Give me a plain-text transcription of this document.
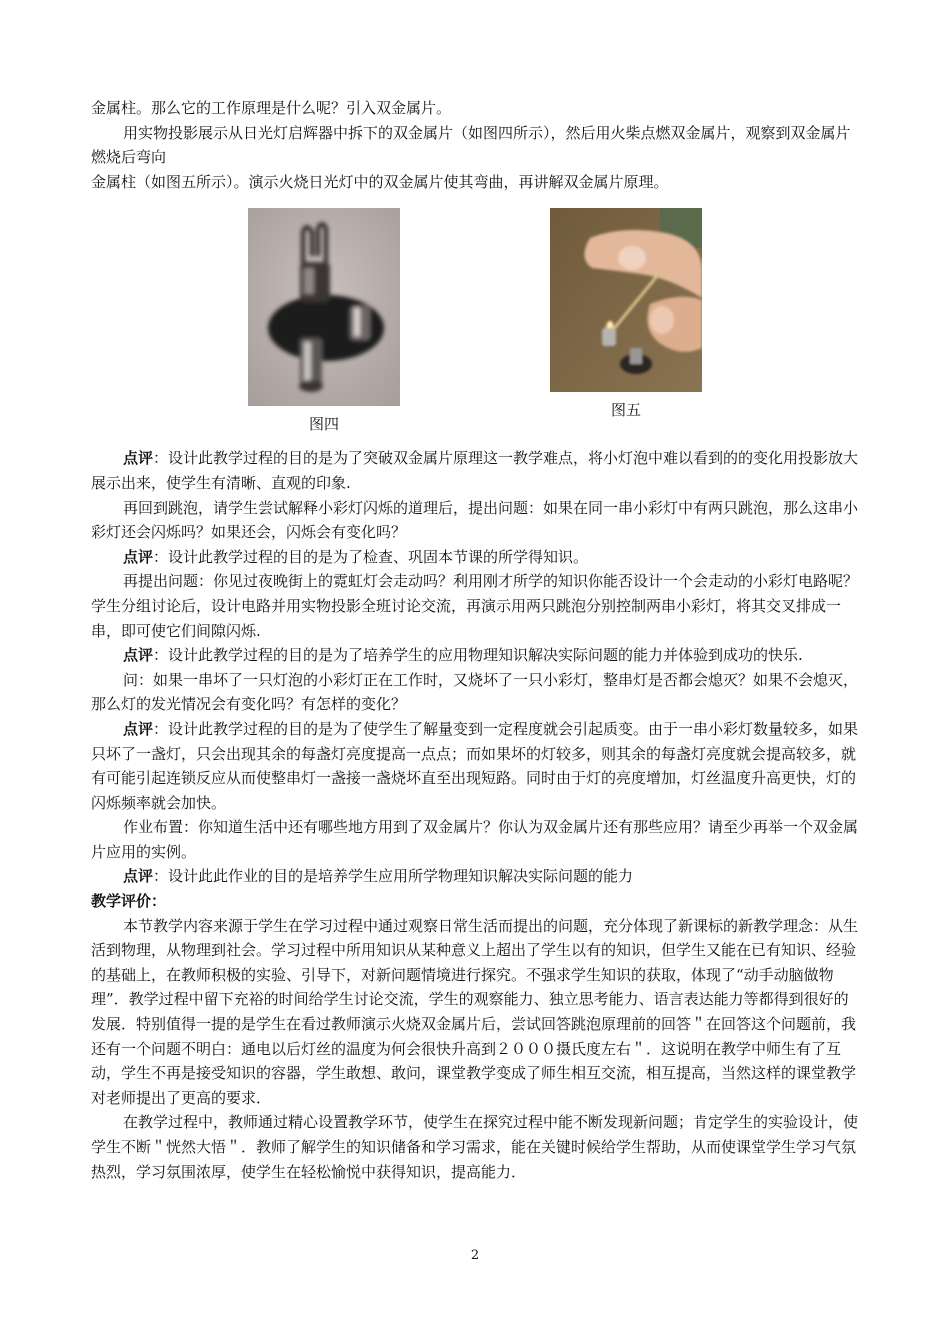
金属柱。那么它的工作原理是什么呢？引入双金属片。

用实物投影展示从日光灯启辉器中拆下的双金属片（如图四所示），然后用火柴点燃双金属片，观察到双金属片燃烧后弯向

金属柱（如图五所示）。演示火烧日光灯中的双金属片使其弯曲，再讲解双金属片原理。

图四
图五

点评：设计此教学过程的目的是为了突破双金属片原理这一教学难点，将小灯泡中难以看到的的变化用投影放大展示出来，使学生有清晰、直观的印象.

再回到跳泡，请学生尝试解释小彩灯闪烁的道理后，提出问题：如果在同一串小彩灯中有两只跳泡，那么这串小彩灯还会闪烁吗？如果还会，闪烁会有变化吗？

点评：设计此教学过程的目的是为了检查、巩固本节课的所学得知识。

再提出问题：你见过夜晚街上的霓虹灯会走动吗？利用刚才所学的知识你能否设计一个会走动的小彩灯电路呢？学生分组讨论后，设计电路并用实物投影全班讨论交流，再演示用两只跳泡分别控制两串小彩灯，将其交叉排成一串，即可使它们间隙闪烁.

点评：设计此教学过程的目的是为了培养学生的应用物理知识解决实际问题的能力并体验到成功的快乐.

问：如果一串坏了一只灯泡的小彩灯正在工作时，又烧坏了一只小彩灯，整串灯是否都会熄灭？如果不会熄灭，那么灯的发光情况会有变化吗？有怎样的变化？

点评：设计此教学过程的目的是为了使学生了解量变到一定程度就会引起质变。由于一串小彩灯数量较多，如果只坏了一盏灯，只会出现其余的每盏灯亮度提高一点点；而如果坏的灯较多，则其余的每盏灯亮度就会提高较多，就有可能引起连锁反应从而使整串灯一盏接一盏烧坏直至出现短路。同时由于灯的亮度增加，灯丝温度升高更快，灯的闪烁频率就会加快。

作业布置：你知道生活中还有哪些地方用到了双金属片？你认为双金属片还有那些应用？请至少再举一个双金属片应用的实例。

点评：设计此此作业的目的是培养学生应用所学物理知识解决实际问题的能力

教学评价：

本节教学内容来源于学生在学习过程中通过观察日常生活而提出的问题，充分体现了新课标的新教学理念：从生活到物理，从物理到社会。学习过程中所用知识从某种意义上超出了学生以有的知识，但学生又能在已有知识、经验的基础上，在教师积极的实验、引导下，对新问题情境进行探究。不强求学生知识的获取，体现了“动手动脑做物理”．教学过程中留下充裕的时间给学生讨论交流，学生的观察能力、独立思考能力、语言表达能力等都得到很好的发展．特别值得一提的是学生在看过教师演示火烧双金属片后，尝试回答跳泡原理前的回答＂在回答这个问题前，我还有一个问题不明白：通电以后灯丝的温度为何会很快升高到２０００摄氏度左右＂．这说明在教学中师生有了互动，学生不再是接受知识的容器，学生敢想、敢问，课堂教学变成了师生相互交流，相互提高，当然这样的课堂教学对老师提出了更高的要求．

在教学过程中，教师通过精心设置教学环节，使学生在探究过程中能不断发现新问题；肯定学生的实验设计，使学生不断＂恍然大悟＂．教师了解学生的知识储备和学习需求，能在关键时候给学生帮助，从而使课堂学生学习气氛热烈，学习氛围浓厚，使学生在轻松愉悦中获得知识，提高能力．

2
